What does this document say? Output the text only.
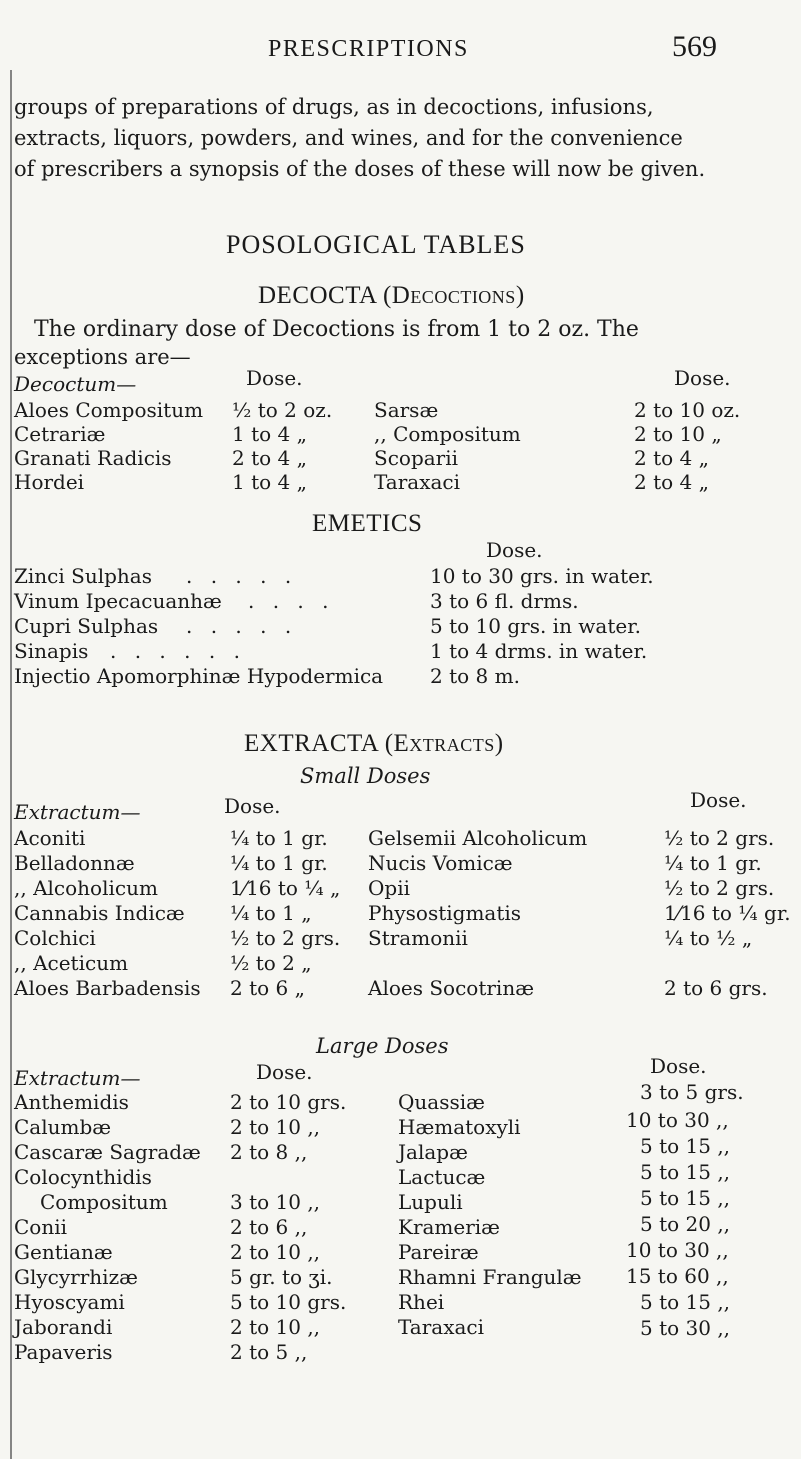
PRESCRIPTIONS	569
groups of preparations of drugs, as in decoctions, infusions,
extracts, liquors, powders, and wines, and for the convenience
of prescribers a synopsis of the doses of these will now be given.
POSOLOGICAL TABLES
DECOCTA (Decoctions)
The ordinary dose of Decoctions is from 1 to 2 oz. The
exceptions are—
Decoctum—	Dose.	Dose.
Aloes Compositum ½ to 2 oz.
Cetrariæ	1 to 4 „
Granati Radicis	2 to 4 „
Hordei	1 to 4 „
Sarsæ	2 to 10 oz.
,, Compositum	2 to 10 „
Scoparii	2 to 4 „
Taraxaci	2 to 4 „
EMETICS
Dose.
Zinci Sulphas . . . . .	10 to 30 grs. in water.
Vinum Ipecacuanhæ . . . .	3 to 6 fl. drms.
Cupri Sulphas . . . . .	5 to 10 grs. in water.
Sinapis . . . . . .	1 to 4 drms. in water.
Injectio Apomorphinæ Hypodermica 2 to 8 m.
EXTRACTA (Extracts)
Small Doses
Extractum—	Dose.	Dose.
Aconiti	¼ to 1 gr.
Belladonnæ	¼ to 1 gr.
,, Alcoholicum	1⁄16 to ¼ „
Cannabis Indicæ ¼ to 1 „
Colchici	½ to 2 grs.
,, Aceticum	½ to 2 „
Aloes Barbadensis 2 to 6 „
Gelsemii Alcoholicum	½ to 2 grs.
Nucis Vomicæ	¼ to 1 gr.
Opii	½ to 2 grs.
Physostigmatis	1⁄16 to ¼ gr.
Stramonii	¼ to ½ „
Aloes Socotrinæ	2 to 6 grs.
Large Doses
Extractum—	Dose.	Dose.
Anthemidis	2 to 10 grs.
Calumbæ	2 to 10 ,,
Cascaræ Sagradæ 2 to 8 ,,
Colocynthidis
Compositum	3 to 10 ,,
Conii	2 to 6 ,,
Gentianæ	2 to 10 ,,
Glycyrrhizæ	5 gr. to ʒi.
Hyoscyami	5 to 10 grs.
Jaborandi	2 to 10 ,,
Papaveris	2 to 5 ,,
Quassiæ	3 to 5 grs.
Hæmatoxyli	10 to 30 ,,
Jalapæ	5 to 15 ,,
Lactucæ	5 to 15 ,,
Lupuli	5 to 15 ,,
Krameriæ	5 to 20 ,,
Pareiræ	10 to 30 ,,
Rhamni Frangulæ 15 to 60 ,,
Rhei	5 to 15 ,,
Taraxaci	5 to 30 ,,
